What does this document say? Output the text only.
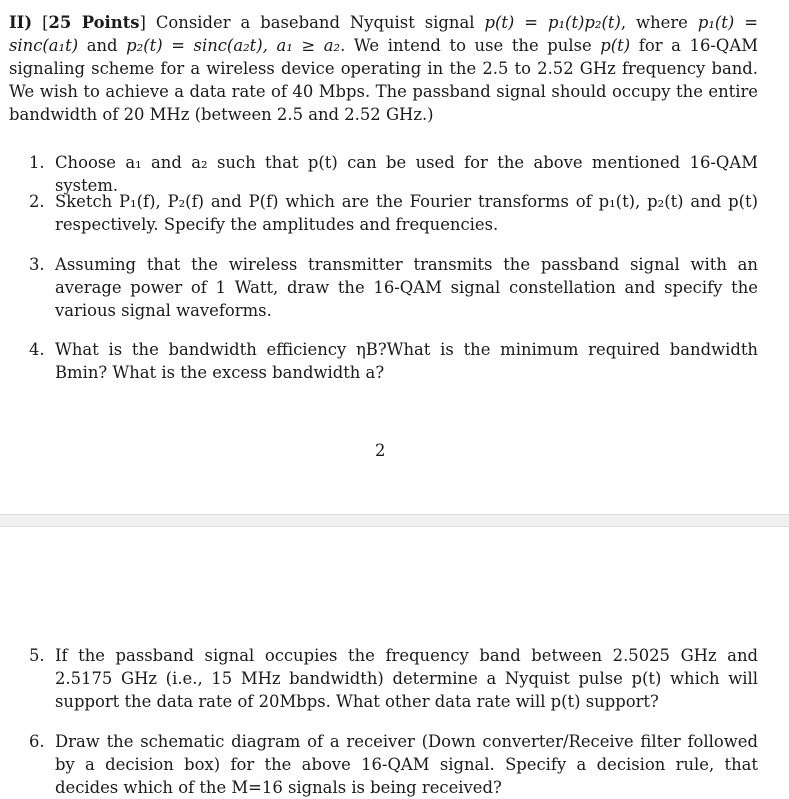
II) [25 Points] Consider a baseband Nyquist signal p(t) = p₁(t)p₂(t), where p₁(t) = sinc(a₁t) and p₂(t) = sinc(a₂t), a₁ ≥ a₂. We intend to use the pulse p(t) for a 16-QAM signaling scheme for a wireless device operating in the 2.5 to 2.52 GHz frequency band. We wish to achieve a data rate of 40 Mbps. The passband signal should occupy the entire bandwidth of 20 MHz (between 2.5 and 2.52 GHz.)
1. Choose a₁ and a₂ such that p(t) can be used for the above mentioned 16-QAM system.
2. Sketch P₁(f), P₂(f) and P(f) which are the Fourier transforms of p₁(t), p₂(t) and p(t) respectively. Specify the amplitudes and frequencies.
3. Assuming that the wireless transmitter transmits the passband signal with an average power of 1 Watt, draw the 16-QAM signal constellation and specify the various signal waveforms.
4. What is the bandwidth efficiency ηB?What is the minimum required bandwidth Bmin? What is the excess bandwidth a?
2
5. If the passband signal occupies the frequency band between 2.5025 GHz and 2.5175 GHz (i.e., 15 MHz bandwidth) determine a Nyquist pulse p(t) which will support the data rate of 20Mbps. What other data rate will p(t) support?
6. Draw the schematic diagram of a receiver (Down converter/Receive filter followed by a decision box) for the above 16-QAM signal. Specify a decision rule, that decides which of the M=16 signals is being received?
